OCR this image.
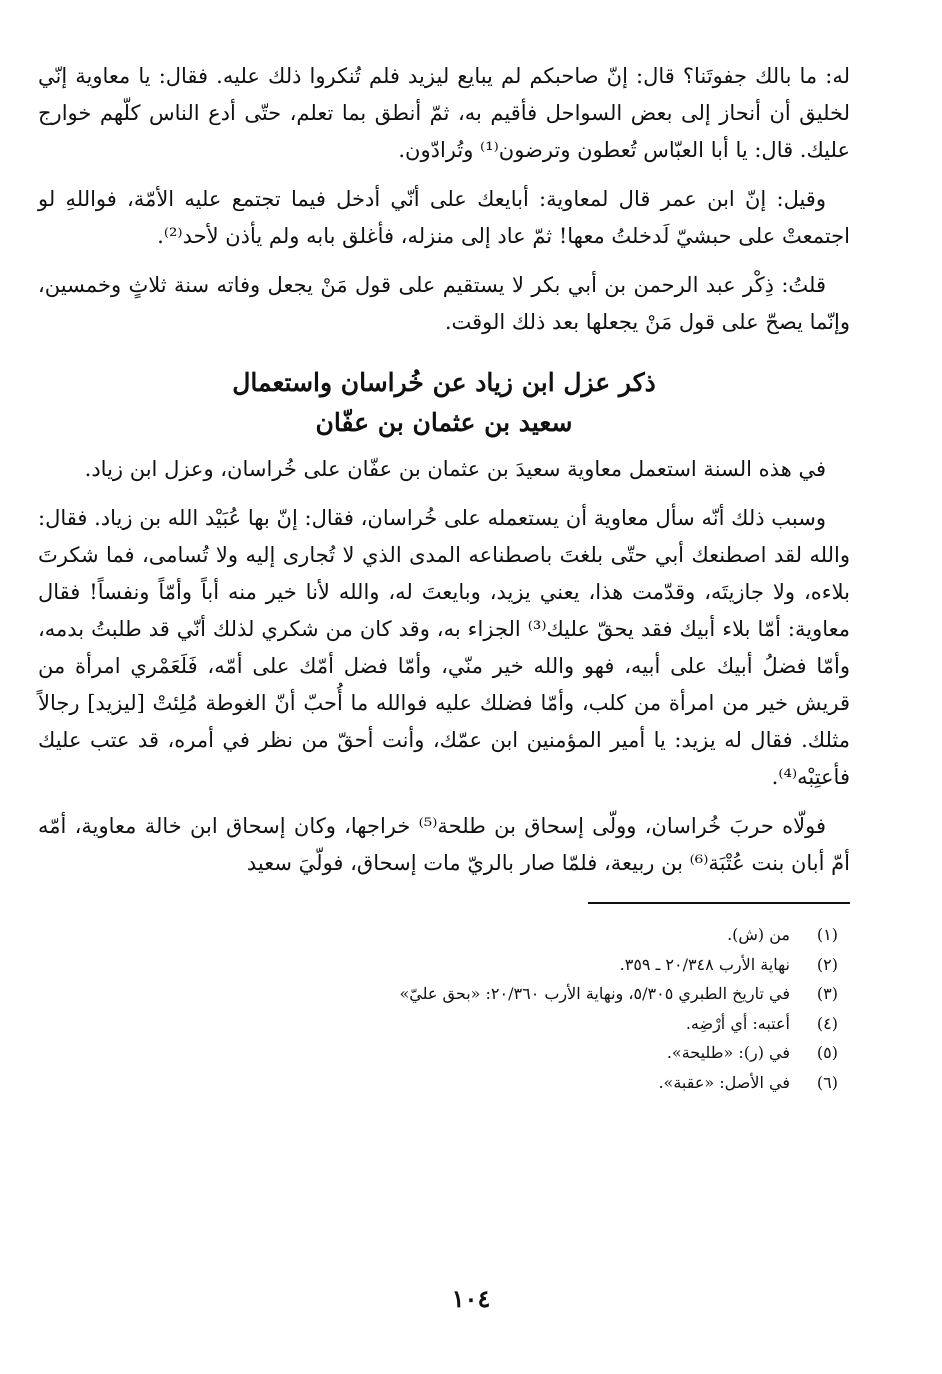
له: ما بالك جفوتَنا؟ قال: إنّ صاحبكم لم يبايع ليزيد فلم تُنكروا ذلك عليه. فقال: يا معاوية إنّي لخليق أن أنحاز إلى بعض السواحل فأقيم به، ثمّ أنطق بما تعلم، حتّى أدع الناس كلّهم خوارج عليك. قال: يا أبا العبّاس تُعطون وترضون⁽¹⁾ وتُرادّون.

وقيل: إنّ ابن عمر قال لمعاوية: أبايعك على أنّي أدخل فيما تجتمع عليه الأمّة، فواللهِ لو اجتمعتْ على حبشيّ لَدخلتُ معها! ثمّ عاد إلى منزله، فأغلق بابه ولم يأذن لأحد⁽²⁾.

قلتُ: ذِكْر عبد الرحمن بن أبي بكر لا يستقيم على قول مَنْ يجعل وفاته سنة ثلاثٍ وخمسين، وإنّما يصحّ على قول مَنْ يجعلها بعد ذلك الوقت.

ذكر عزل ابن زياد عن خُراسان واستعمال
سعيد بن عثمان بن عفّان

في هذه السنة استعمل معاوية سعيدَ بن عثمان بن عفّان على خُراسان، وعزل ابن زياد.

وسبب ذلك أنّه سأل معاوية أن يستعمله على خُراسان، فقال: إنّ بها عُبَيْد الله بن زياد. فقال: والله لقد اصطنعك أبي حتّى بلغتَ باصطناعه المدى الذي لا تُجارى إليه ولا تُسامى، فما شكرتَ بلاءه، ولا جازيتَه، وقدّمت هذا، يعني يزيد، وبايعتَ له، والله لأنا خير منه أباً وأمّاً ونفساً! فقال معاوية: أمّا بلاء أبيك فقد يحقّ عليك⁽³⁾ الجزاء به، وقد كان من شكري لذلك أنّي قد طلبتُ بدمه، وأمّا فضلُ أبيك على أبيه، فهو والله خير منّي، وأمّا فضل أمّك على أمّه، فَلَعَمْري امرأة من قريش خير من امرأة من كلب، وأمّا فضلك عليه فوالله ما أُحبّ أنّ الغوطة مُلِئتْ [ليزيد] رجالاً مثلك. فقال له يزيد: يا أمير المؤمنين ابن عمّك، وأنت أحقّ من نظر في أمره، قد عتب عليك فأعتِبْه⁽⁴⁾.

فولّاه حربَ خُراسان، وولّى إسحاق بن طلحة⁽⁵⁾ خراجها، وكان إسحاق ابن خالة معاوية، أمّه أمّ أبان بنت عُتْبَة⁽⁶⁾ بن ربيعة، فلمّا صار بالريّ مات إسحاق، فولّيَ سعيد

(١)
من (ش).
(٢)
نهاية الأرب ٢٠/٣٤٨ ـ ٣٥٩.
(٣)
في تاريخ الطبري ٥/٣٠٥، ونهاية الأرب ٢٠/٣٦٠: «بحق عليّ»
(٤)
أعتبه: أي أرْضِه.
(٥)
في (ر): «طليحة».
(٦)
في الأصل: «عقبة».
١٠٤
